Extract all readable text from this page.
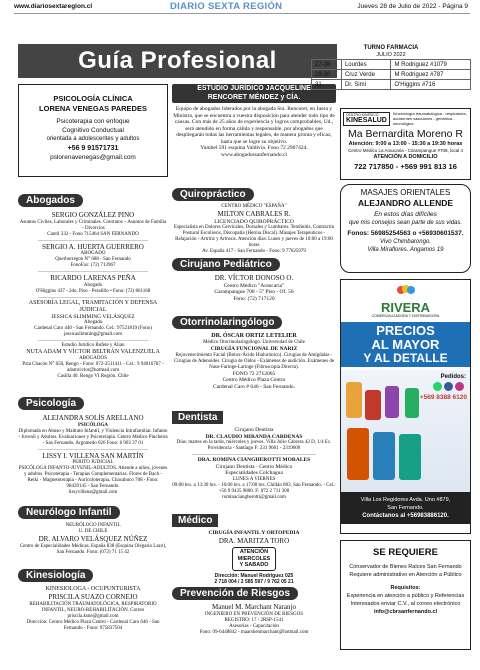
www.diariosextaregion.cl	DIARIO SEXTA REGIÓN	Jueves 28 de Julio de 2022 - Página 9
Guía Profesional
PSICOLOGÍA CLÍNICA
LORENA VENEGAS PAREDES
Psicoterapia con enfoque
Cognitivo Conductual
orientada a adolescentes y adultos
+56 9 91571731
pslorenavenegas@gmail.com
Abogados
SERGIO GONZÁLEZ PINO
Asuntos Civiles, Laborales y Criminales. Contratos – Asuntos de Familia – Divorcios
Cantil 332 - Fono 715464 SAN FERNANDO
SERGIO A. HUERTA GUERRERO
ABOGADO
Querhorregon N° 688 - San Fernando
FonoFax: (72) 713967
RICARDO LARENAS PEÑA
Abogado
O'Higgins 437 - 2do. Piso - Peralillo • Fono: (72) 861168
ASESORÍA LEGAL, TRAMITACIÓN Y DEFENSA JUDICIAL
JESSICA SLIMMING VELÁSQUEZ
Abogada
Cardenal Caro 440 - San Fernando. Cel.: 97521819 (Fono)
jessicaslimming@gmail.com
Estudio Jurídico Bufete y Alian
NUTA ADAM Y VÍCTOR BELTRÁN VALENZUELA
ABOGADOS
Pzta Chacón N° 650, Rengo - Fono: 072-2511411 - Cel.: 9 94016787 - adamvictor@hotmail.com
Casilla 40. Rengo VI Región. Chile
Psicología
ALEJANDRA SOLÍS ARELLANO
PSICÓLOGA
Diplomada en Abuso y Maltrato Infantil, y Violencia Intrafamiliar. Infanto - Juvenil y Adultos. Evaluaciones y Psicoterapia. Centro Médico Pincheira - San Fernando. Argomedo 026 Fono: 6 903 37 01
LISSY I. VILLENA SAN MARTÍN
PERITO JUDICIAL
PSICÓLOGA INFANTO-JUVENIL-ADULTOS. Atiende a niños, jóvenes y adultos. Psicoterapia - Terapias Complementarias. Flores de Bach - Reiki - Magnetoterapia - Auriculoterapia. Chacabuco 708 - Fono: 98439145 - San Fernando.
lissyvillena@gmail.com
Neurólogo Infantil
NEURÓLOGO INFANTIL
U. DE CHILE
DR. ALVARO VELÁSQUEZ NÚÑEZ
Centro de Especialidades Médicas. España 838 (Esquina Olegario Lazo), San Fernando. Fono: (072) 71 15 42
Kinesiología
KINESIOLOGA - OCUPUNTURISTA
PRISCILA SUAZO CORNEJO
REHABILITACIÓN TRAUMATOLÓGICA, RESPIRATORIO INFANTIL, NEURO-REHABILITACIÓN. Correo priscila.ksne@gmail.com
Dirección: Centro Médico Plaza Centro - Cardenal Caro 646 - San Fernando - Fono: 975837504
ESTUDIO JURÍDICO JACQUELINE RENCORET MÉNDEZ y CÍA.
Equipo de abogados liderados por la abogada Sra. Rencoret, en Juera y Ministra, que se encuentra a vuestra disposición para atender todo tipo de causas. Con más de 25 años de experiencia y logros comprobables, Ud., será atendido en forma cálida y responsable, por abogados que despliegarán todas las herramientas legales, de manera pronta y eficaz, hasta que se logre su objetivo.
Yumbel 591 esquina Valdivia. Fono 72 2967424.
www.abogadossanfernando.cl
Quiropráctico
CENTRO MÉDICO "ESPAÑA"
MILTON CABRALES R.
LICENCIADO QUIROPRÁCTICO
Especialista en Dolores Cervicales, Dorsales y Lumbares. Tendinitis, Contractin Postural Escoliosis, Discopatía (Hernia Discal). Masajes Terapéuticos - Relajación - Artritis y Artrosis. Atención días: Lunes y jueves de 10:00 a 19:00 horas
Av. España 417 - San Fernando - Fono: 9 77025979
Cirujano Pediátrico
DR. VÍCTOR DONOSO O.
Centro Médico "Araucaria"
Carampangue 708 - 5° Piso - Of. 56
Fono: (72) 717120
Otorrinolaringólogo
DR. ÓSCAR ORTIZ LETELIER
Médico Otorrinolaringólogo. Universidad de Chile
CIRUGÍA FUNCIONAL DE NARIZ
Rejuvenecimiento Facial (Botox-Ácido Hialurónico). Cirugías de Amígdalas - Cirugías de Adenoides. Cirugía de Oídos - Exámenes de audición. Exámenes de Naso-Faringe-Laringe (Fibroscopia Directa).
FONO 72 2712065
Centro Médico Plaza Centro
Cardenal Caro # 646 - San Fernando.
Dentista
Cirujano Dentista
DR. CLAUDIO MIRANDA CARDENAS
Días: martes en la tarde, miércoles y jueves. Villa Julio Cabrera 42 D, 1/4 Ec. Providencia - Santiago F: 231 9601 - 2319600
DRA. ROMINA CIANGHEROTTI MORALES
Cirujano Dentista · Centro Médico
Especialidades Colchagua
LUNES A VIERNES
09:00 hrs. a 13:30 hrs. - 16:00 hrs. a 17:00 hrs. Chillán 803, San Fernando. - Cel.: +56 9 9435 9800. F: 072 2 711 300
rominaciangherotti@gmail.com
Médico
CIRUGÍA INFANTIL Y ORTOPEDIA
DRA. MARITZA TORO
ATENCIÓN
MIERCOLES
Y SABADO
Dirección: Manuel Rodríguez 025
2 718 004 / 2 585 597 / 9 762 05 21
Prevención de Riesgos
Manuel M. Marchant Naranjo
INGENIERO EN PREVENCIÓN DE RIESGOS
REGISTRO: 17 / 2RSP-1541
Asesorías - Capacitación
Fono: 09-6448842 - maarshenmarchant@hotmail.com
TURNO FARMACIA
JULIO 2022
27-28	Lourdes	M Rodriguez #1079
29-30	Cruz Verde	M Rodriguez #787
31	Dr. Simi	O'Higgins #716
CENTRO KINÉSICO
KINESALUD
Kinesiología traumatológica - respiratoria, accidentes vasculares - geriátrica - neurológica
Ma Bernardita Moreno R
Atención: 9:00 a 13:00 - 15:30 a 19:30 horas
Centro Médico La Araucaria - Carampangue #708, local 4
ATENCIÓN A DOMICILIO
722 717850 - +569 991 813 16
MASAJES ORIENTALES
ALEJANDRO ALLENDE
En estos días difíciles
que mis consejos sean parte de sus vidas.
Fonos: 56985254563 o +56930601537.
Vivo Chimbarongo.
Villa Miraflores. Angamos 19
RIVERA
COMERCIALIZADORA Y DISTRIBUIDORA
PRECIOS
AL MAYOR
Y AL DETALLE
Pedidos:
+569 8388 6120
Villa Los Regidores Avda. Uno #879,
San Fernando.
Contáctanos al +56983886120.
SE REQUIERE
Conservador de Bienes Raíces San Fernando
Requiere administrativo en Atención a Público
Requisitos:
Experiencia en atención a público y Referencias
Interesados enviar C.V., al correo electrónico
info@cbrsanfernando.cl
